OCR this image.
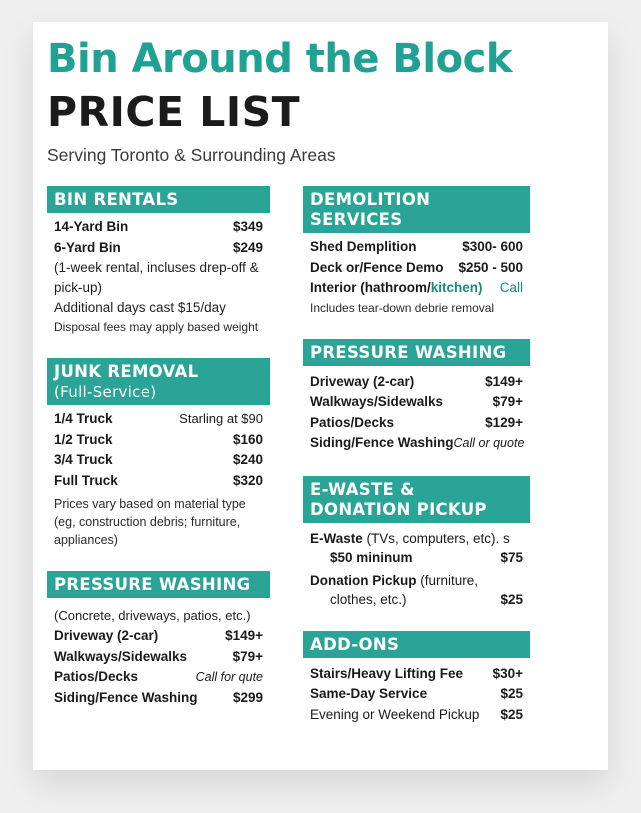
Bin Around the Block
PRICE LIST
Serving Toronto & Surrounding Areas
BIN RENTALS
14-Yard Bin	$349
6-Yard Bin	$249
(1-week rental, incluses drep-off & pick-up)
Additional days cast $15/day
Disposal fees may apply based weight
JUNK REMOVAL
(Full-Service)
1/4 Truck	Starling at $90
1/2 Truck	$160
3/4 Truck	$240
Full Truck	$320
Prices vary based on material type (eg, construction debris; furniture, appliances)
PRESSURE WASHING
(Concrete, driveways, patios, etc.)
Driveway (2-car)	$149+
Walkways/Sidewalks	$79+
Patios/Decks	Call for qute
Siding/Fence Washing	$299
DEMOLITION SERVICES
Shed Demplition	$300- 600
Deck or/Fence Demo $250 - 500
Interior (hathroom/kitchen) Call
Includes tear-down debrie removal
PRESSURE WASHING
Driveway (2-car)	$149+
Walkways/Sidewalks	$79+
Patios/Decks	$129+
Siding/Fence Washing Call or quote
E-WASTE &
DONATION PICKUP
E-Waste (TVs, computers, etc). s
$50 mininum	$75
Donation Pickup (furniture,
clothes, etc.)	$25
ADD-ONS
Stairs/Heavy Lifting Fee $30+
Same-Day Service	$25
Evening or Weekend Pickup $25
